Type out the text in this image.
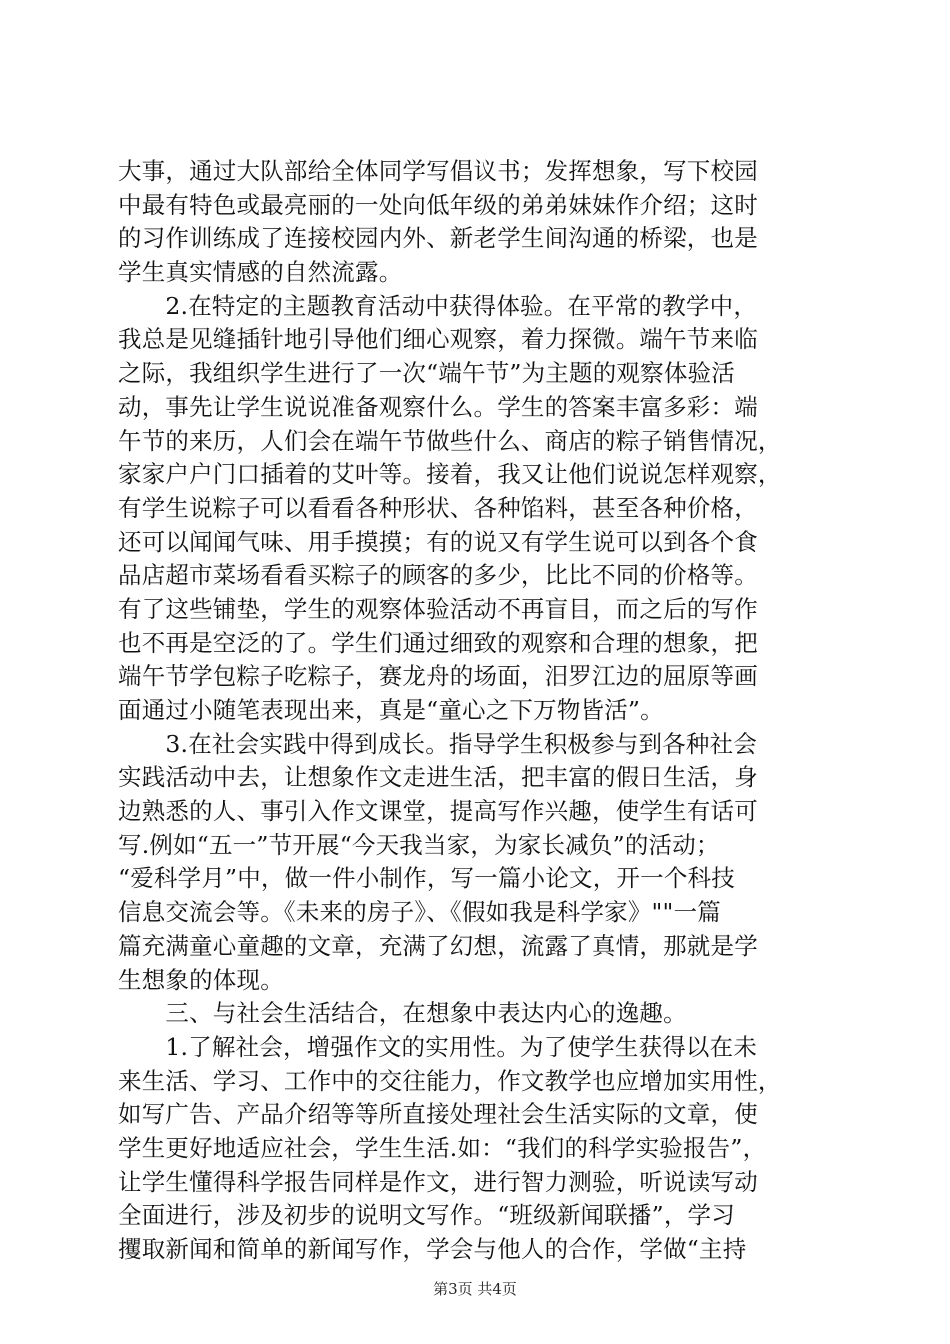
大事，通过大队部给全体同学写倡议书；发挥想象，写下校园
中最有特色或最亮丽的一处向低年级的弟弟妹妹作介绍；这时
的习作训练成了连接校园内外、新老学生间沟通的桥梁，也是
学生真实情感的自然流露。
　　2.在特定的主题教育活动中获得体验。在平常的教学中，
我总是见缝插针地引导他们细心观察，着力探微。端午节来临
之际，我组织学生进行了一次“端午节”为主题的观察体验活
动，事先让学生说说准备观察什么。学生的答案丰富多彩：端
午节的来历，人们会在端午节做些什么、商店的粽子销售情况，
家家户户门口插着的艾叶等。接着，我又让他们说说怎样观察，
有学生说粽子可以看看各种形状、各种馅料，甚至各种价格，
还可以闻闻气味、用手摸摸；有的说又有学生说可以到各个食
品店超市菜场看看买粽子的顾客的多少，比比不同的价格等。
有了这些铺垫，学生的观察体验活动不再盲目，而之后的写作
也不再是空泛的了。学生们通过细致的观察和合理的想象，把
端午节学包粽子吃粽子，赛龙舟的场面，汨罗江边的屈原等画
面通过小随笔表现出来，真是“童心之下万物皆活”。
　　3.在社会实践中得到成长。指导学生积极参与到各种社会
实践活动中去，让想象作文走进生活，把丰富的假日生活，身
边熟悉的人、事引入作文课堂，提高写作兴趣，使学生有话可
写.例如“五一”节开展“今天我当家，为家长减负”的活动；
“爱科学月”中，做一件小制作，写一篇小论文，开一个科技
信息交流会等。《未来的房子》、《假如我是科学家》""一篇
篇充满童心童趣的文章，充满了幻想，流露了真情，那就是学
生想象的体现。
　　三、与社会生活结合，在想象中表达内心的逸趣。
　　1.了解社会，增强作文的实用性。为了使学生获得以在未
来生活、学习、工作中的交往能力，作文教学也应增加实用性，
如写广告、产品介绍等等所直接处理社会生活实际的文章，使
学生更好地适应社会，学生生活.如：“我们的科学实验报告”，
让学生懂得科学报告同样是作文，进行智力测验，听说读写动
全面进行，涉及初步的说明文写作。“班级新闻联播”，学习
攫取新闻和简单的新闻写作，学会与他人的合作，学做“主持
第3页 共4页
